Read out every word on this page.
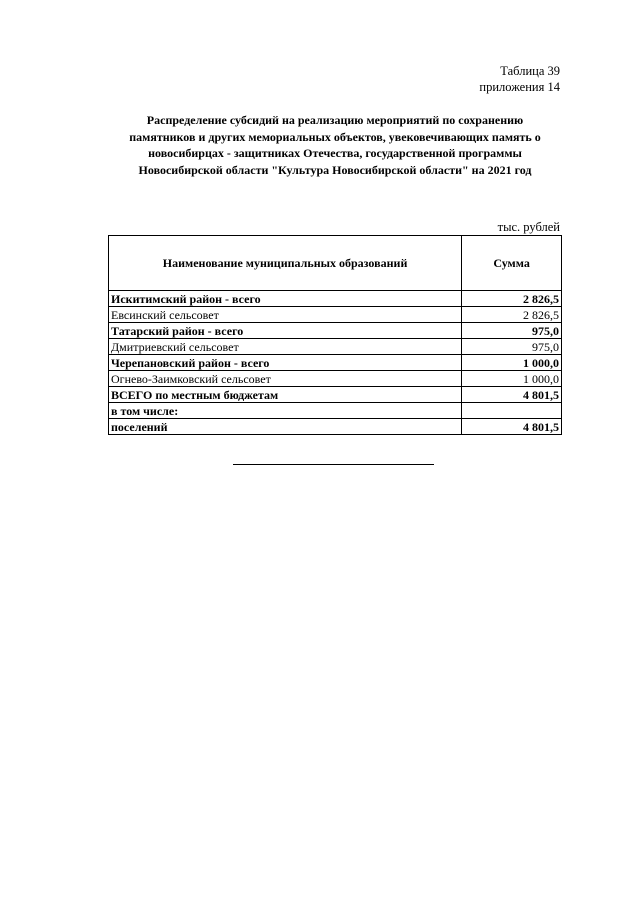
Таблица 39
приложения 14
Распределение субсидий на реализацию мероприятий по сохранению
памятников и других мемориальных объектов, увековечивающих память о
новосибирцах - защитниках Отечества, государственной программы
Новосибирской области "Культура Новосибирской области" на 2021 год
тыс. рублей
Наименование муниципальных образований	Сумма
Искитимский район - всего	2 826,5
Евсинский сельсовет	2 826,5
Татарский район - всего	975,0
Дмитриевский сельсовет	975,0
Черепановский район - всего	1 000,0
Огнево-Заимковский сельсовет	1 000,0
ВСЕГО по местным бюджетам	4 801,5
в том числе:	
поселений	4 801,5
